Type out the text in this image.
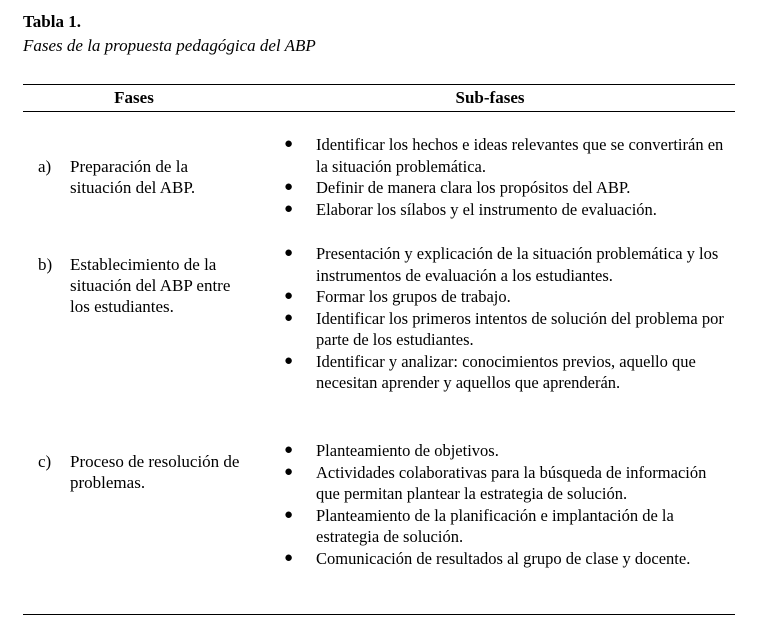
Tabla 1.

Fases de la propuesta pedagógica del ABP

Fases	Sub-fases
a) Preparación de la situación del ABP.
● Identificar los hechos e ideas relevantes que se convertirán en la situación problemática.
● Definir de manera clara los propósitos del ABP.
● Elaborar los sílabos y el instrumento de evaluación.
b) Establecimiento de la situación del ABP entre los estudiantes.
● Presentación y explicación de la situación problemática y los instrumentos de evaluación a los estudiantes.
● Formar los grupos de trabajo.
● Identificar los primeros intentos de solución del problema por parte de los estudiantes.
● Identificar y analizar: conocimientos previos, aquello que necesitan aprender y aquellos que aprenderán.
c) Proceso de resolución de problemas.
● Planteamiento de objetivos.
● Actividades colaborativas para la búsqueda de información que permitan plantear la estrategia de solución.
● Planteamiento de la planificación e implantación de la estrategia de solución.
● Comunicación de resultados al grupo de clase y docente.
